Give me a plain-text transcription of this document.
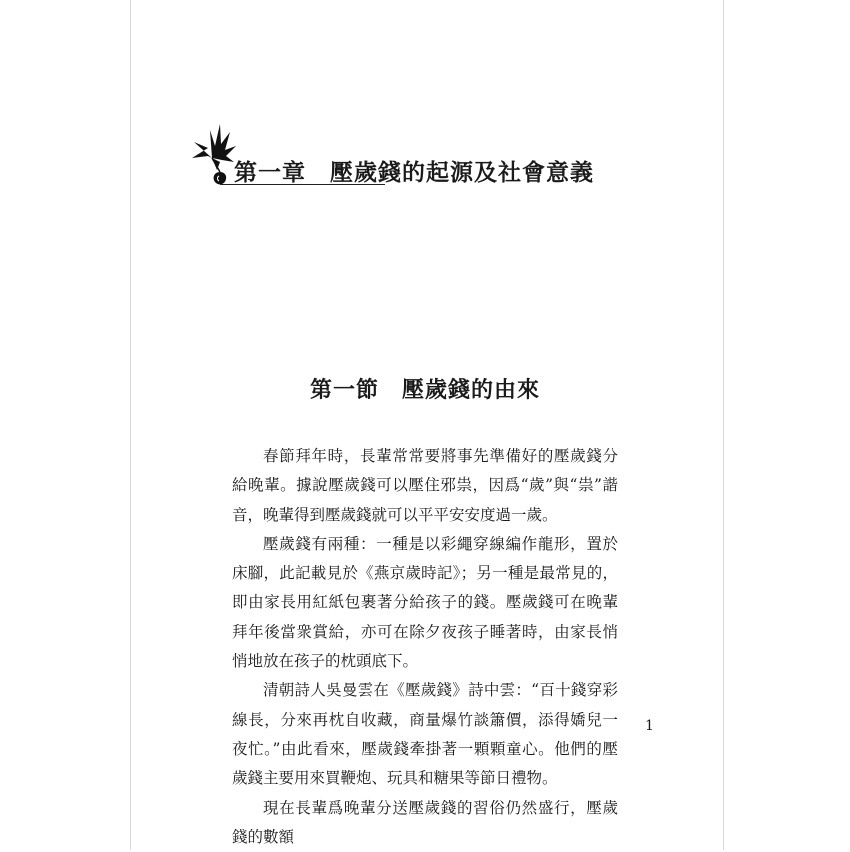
第一章　壓歲錢的起源及社會意義
第一節　壓歲錢的由來

春節拜年時，長輩常常要將事先準備好的壓歲錢分給晚輩。據說壓歲錢可以壓住邪祟，因爲“歲”與“祟”諧音，晚輩得到壓歲錢就可以平平安安度過一歲。

壓歲錢有兩種：一種是以彩繩穿線編作龍形，置於床腳，此記載見於《燕京歲時記》；另一種是最常見的，即由家長用紅紙包裹著分給孩子的錢。壓歲錢可在晚輩拜年後當衆賞給，亦可在除夕夜孩子睡著時，由家長悄悄地放在孩子的枕頭底下。

清朝詩人吳曼雲在《壓歲錢》詩中雲：“百十錢穿彩線長，分來再枕自收藏，商量爆竹談簫價，添得嬌兒一夜忙。”由此看來，壓歲錢牽掛著一顆顆童心。他們的壓歲錢主要用來買鞭炮、玩具和糖果等節日禮物。

現在長輩爲晚輩分送壓歲錢的習俗仍然盛行，壓歲錢的數額

1
